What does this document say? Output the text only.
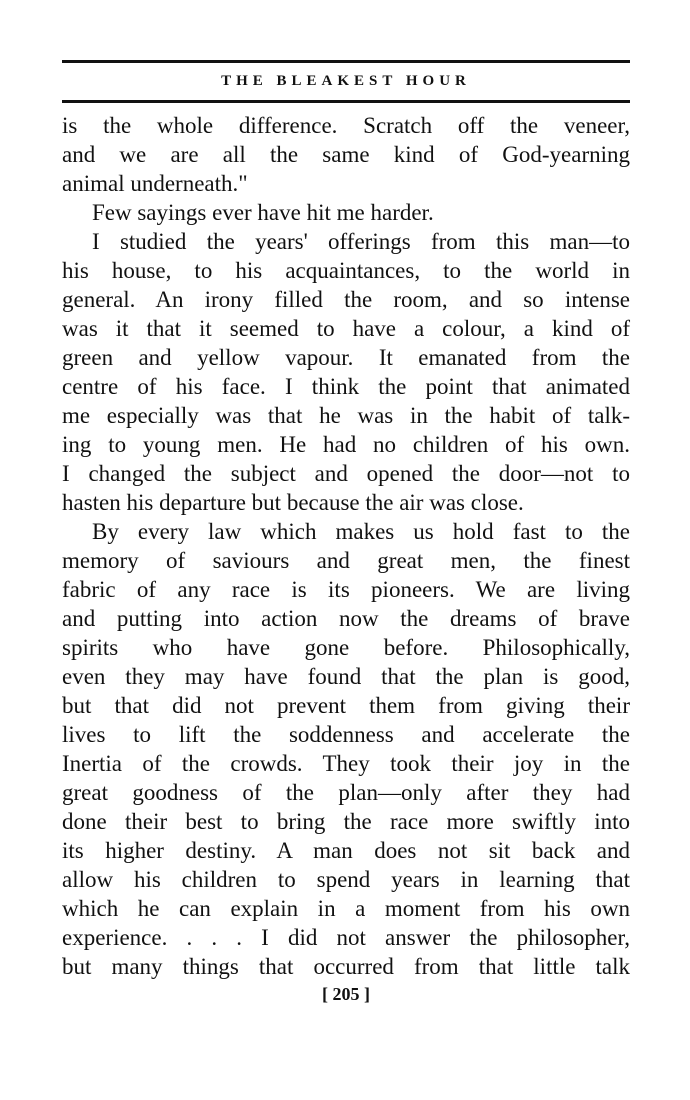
THE BLEAKEST HOUR
is the whole difference. Scratch off the veneer,
and we are all the same kind of God-yearning
animal underneath."
Few sayings ever have hit me harder.
I studied the years' offerings from this man—to
his house, to his acquaintances, to the world in
general. An irony filled the room, and so intense
was it that it seemed to have a colour, a kind of
green and yellow vapour. It emanated from the
centre of his face. I think the point that animated
me especially was that he was in the habit of talk-
ing to young men. He had no children of his own.
I changed the subject and opened the door—not to
hasten his departure but because the air was close.
By every law which makes us hold fast to the
memory of saviours and great men, the finest
fabric of any race is its pioneers. We are living
and putting into action now the dreams of brave
spirits who have gone before. Philosophically,
even they may have found that the plan is good,
but that did not prevent them from giving their
lives to lift the soddenness and accelerate the
Inertia of the crowds. They took their joy in the
great goodness of the plan—only after they had
done their best to bring the race more swiftly into
its higher destiny. A man does not sit back and
allow his children to spend years in learning that
which he can explain in a moment from his own
experience. . . . I did not answer the philosopher,
but many things that occurred from that little talk
[ 205 ]
